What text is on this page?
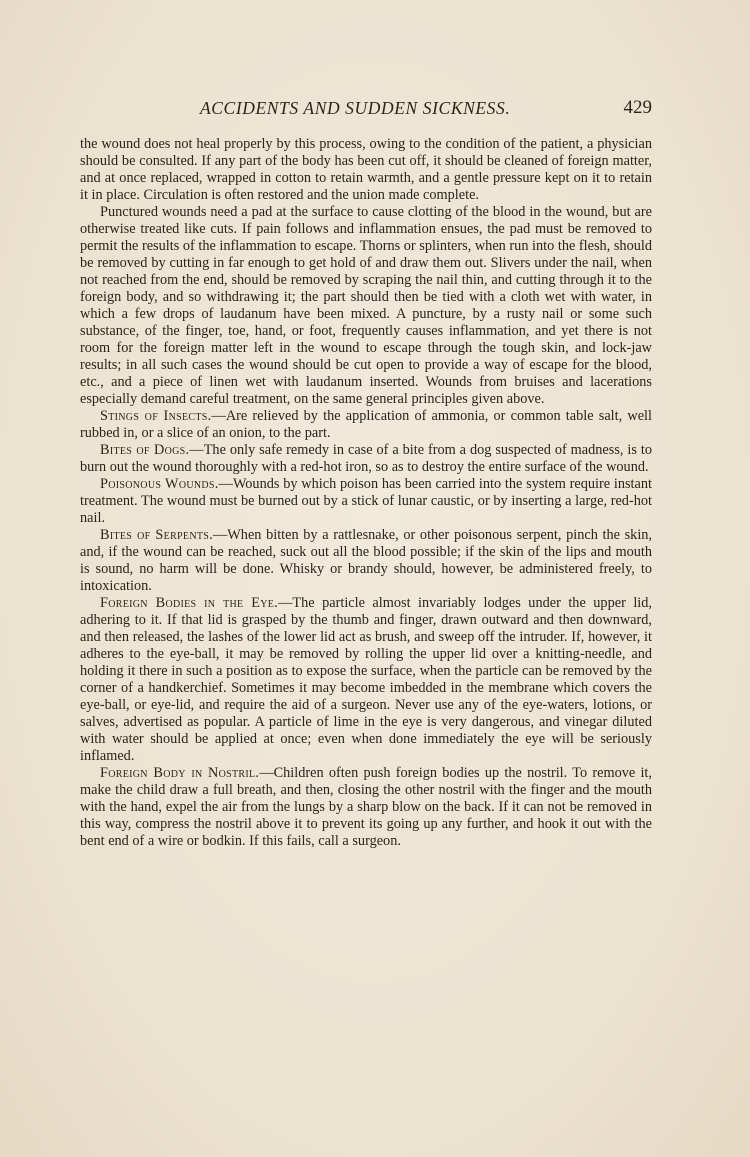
ACCIDENTS AND SUDDEN SICKNESS.	429

the wound does not heal properly by this process, owing to the condition of the patient, a physician should be consulted. If any part of the body has been cut off, it should be cleaned of foreign matter, and at once replaced, wrapped in cotton to retain warmth, and a gentle pressure kept on it to retain it in place. Circulation is often restored and the union made complete.

Punctured wounds need a pad at the surface to cause clotting of the blood in the wound, but are otherwise treated like cuts. If pain follows and inflammation ensues, the pad must be removed to permit the results of the inflammation to escape. Thorns or splinters, when run into the flesh, should be removed by cutting in far enough to get hold of and draw them out. Slivers under the nail, when not reached from the end, should be removed by scraping the nail thin, and cutting through it to the foreign body, and so withdrawing it; the part should then be tied with a cloth wet with water, in which a few drops of laudanum have been mixed. A puncture, by a rusty nail or some such substance, of the finger, toe, hand, or foot, frequently causes inflammation, and yet there is not room for the foreign matter left in the wound to escape through the tough skin, and lock-jaw results; in all such cases the wound should be cut open to provide a way of escape for the blood, etc., and a piece of linen wet with laudanum inserted. Wounds from bruises and lacerations especially demand careful treatment, on the same general principles given above.

Stings of Insects.—Are relieved by the application of ammonia, or common table salt, well rubbed in, or a slice of an onion, to the part.

Bites of Dogs.—The only safe remedy in case of a bite from a dog suspected of madness, is to burn out the wound thoroughly with a red-hot iron, so as to destroy the entire surface of the wound.

Poisonous Wounds.—Wounds by which poison has been carried into the system require instant treatment. The wound must be burned out by a stick of lunar caustic, or by inserting a large, red-hot nail.

Bites of Serpents.—When bitten by a rattlesnake, or other poisonous serpent, pinch the skin, and, if the wound can be reached, suck out all the blood possible; if the skin of the lips and mouth is sound, no harm will be done. Whisky or brandy should, however, be administered freely, to intoxication.

Foreign Bodies in the Eye.—The particle almost invariably lodges under the upper lid, adhering to it. If that lid is grasped by the thumb and finger, drawn outward and then downward, and then released, the lashes of the lower lid act as brush, and sweep off the intruder. If, however, it adheres to the eye-ball, it may be removed by rolling the upper lid over a knitting-needle, and holding it there in such a position as to expose the surface, when the particle can be removed by the corner of a handkerchief. Sometimes it may become imbedded in the membrane which covers the eye-ball, or eye-lid, and require the aid of a surgeon. Never use any of the eye-waters, lotions, or salves, advertised as popular. A particle of lime in the eye is very dangerous, and vinegar diluted with water should be applied at once; even when done immediately the eye will be seriously inflamed.

Foreign Body in Nostril.—Children often push foreign bodies up the nostril. To remove it, make the child draw a full breath, and then, closing the other nostril with the finger and the mouth with the hand, expel the air from the lungs by a sharp blow on the back. If it can not be removed in this way, compress the nostril above it to prevent its going up any further, and hook it out with the bent end of a wire or bodkin. If this fails, call a surgeon.
